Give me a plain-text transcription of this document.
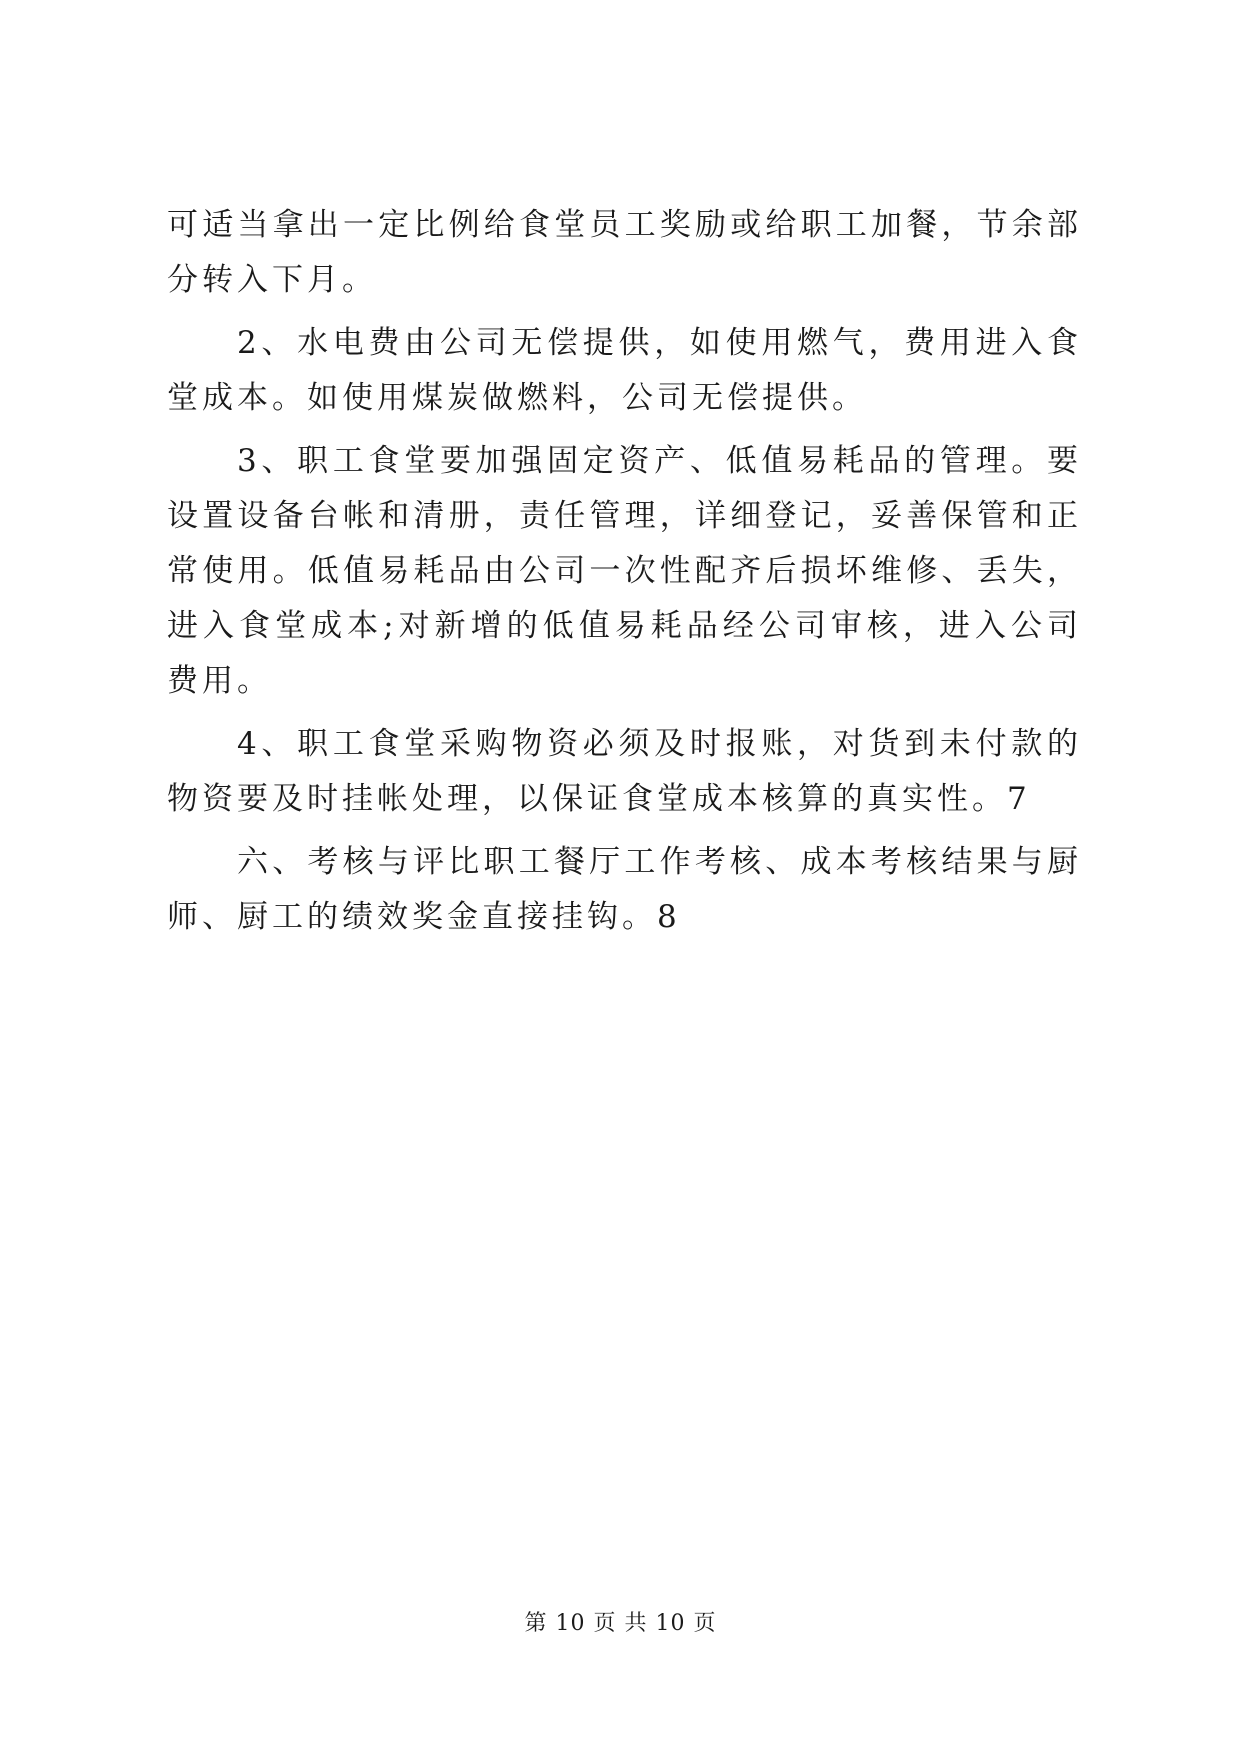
可适当拿出一定比例给食堂员工奖励或给职工加餐，节余部分转入下月。

2、水电费由公司无偿提供，如使用燃气，费用进入食堂成本。如使用煤炭做燃料，公司无偿提供。

3、职工食堂要加强固定资产、低值易耗品的管理。要设置设备台帐和清册，责任管理，详细登记，妥善保管和正常使用。低值易耗品由公司一次性配齐后损坏维修、丢失，进入食堂成本;对新增的低值易耗品经公司审核，进入公司费用。

4、职工食堂采购物资必须及时报账，对货到未付款的物资要及时挂帐处理，以保证食堂成本核算的真实性。7

六、考核与评比职工餐厅工作考核、成本考核结果与厨师、厨工的绩效奖金直接挂钩。8

第 10 页 共 10 页
